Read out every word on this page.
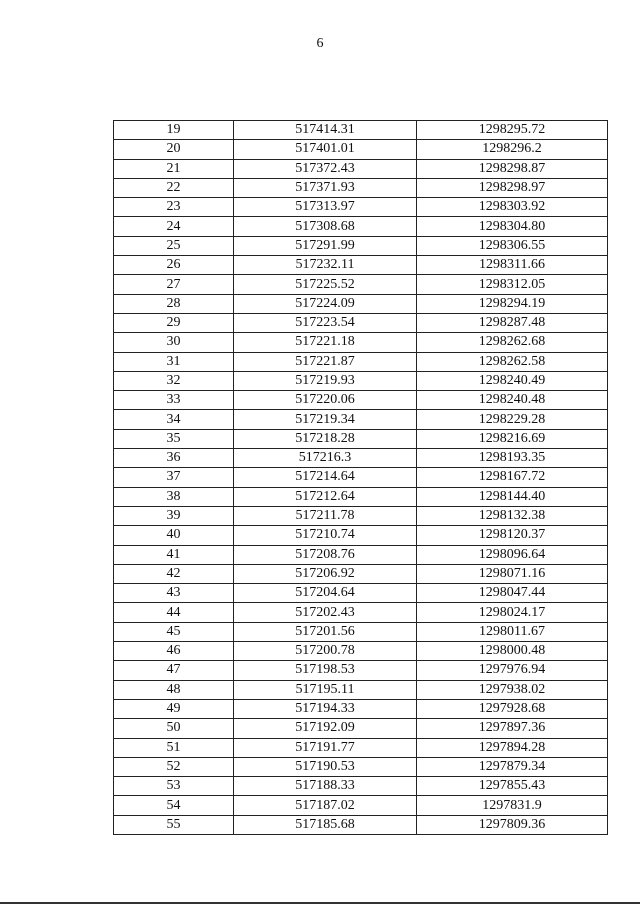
6
19	517414.31	1298295.72
20	517401.01	1298296.2
21	517372.43	1298298.87
22	517371.93	1298298.97
23	517313.97	1298303.92
24	517308.68	1298304.80
25	517291.99	1298306.55
26	517232.11	1298311.66
27	517225.52	1298312.05
28	517224.09	1298294.19
29	517223.54	1298287.48
30	517221.18	1298262.68
31	517221.87	1298262.58
32	517219.93	1298240.49
33	517220.06	1298240.48
34	517219.34	1298229.28
35	517218.28	1298216.69
36	517216.3	1298193.35
37	517214.64	1298167.72
38	517212.64	1298144.40
39	517211.78	1298132.38
40	517210.74	1298120.37
41	517208.76	1298096.64
42	517206.92	1298071.16
43	517204.64	1298047.44
44	517202.43	1298024.17
45	517201.56	1298011.67
46	517200.78	1298000.48
47	517198.53	1297976.94
48	517195.11	1297938.02
49	517194.33	1297928.68
50	517192.09	1297897.36
51	517191.77	1297894.28
52	517190.53	1297879.34
53	517188.33	1297855.43
54	517187.02	1297831.9
55	517185.68	1297809.36
